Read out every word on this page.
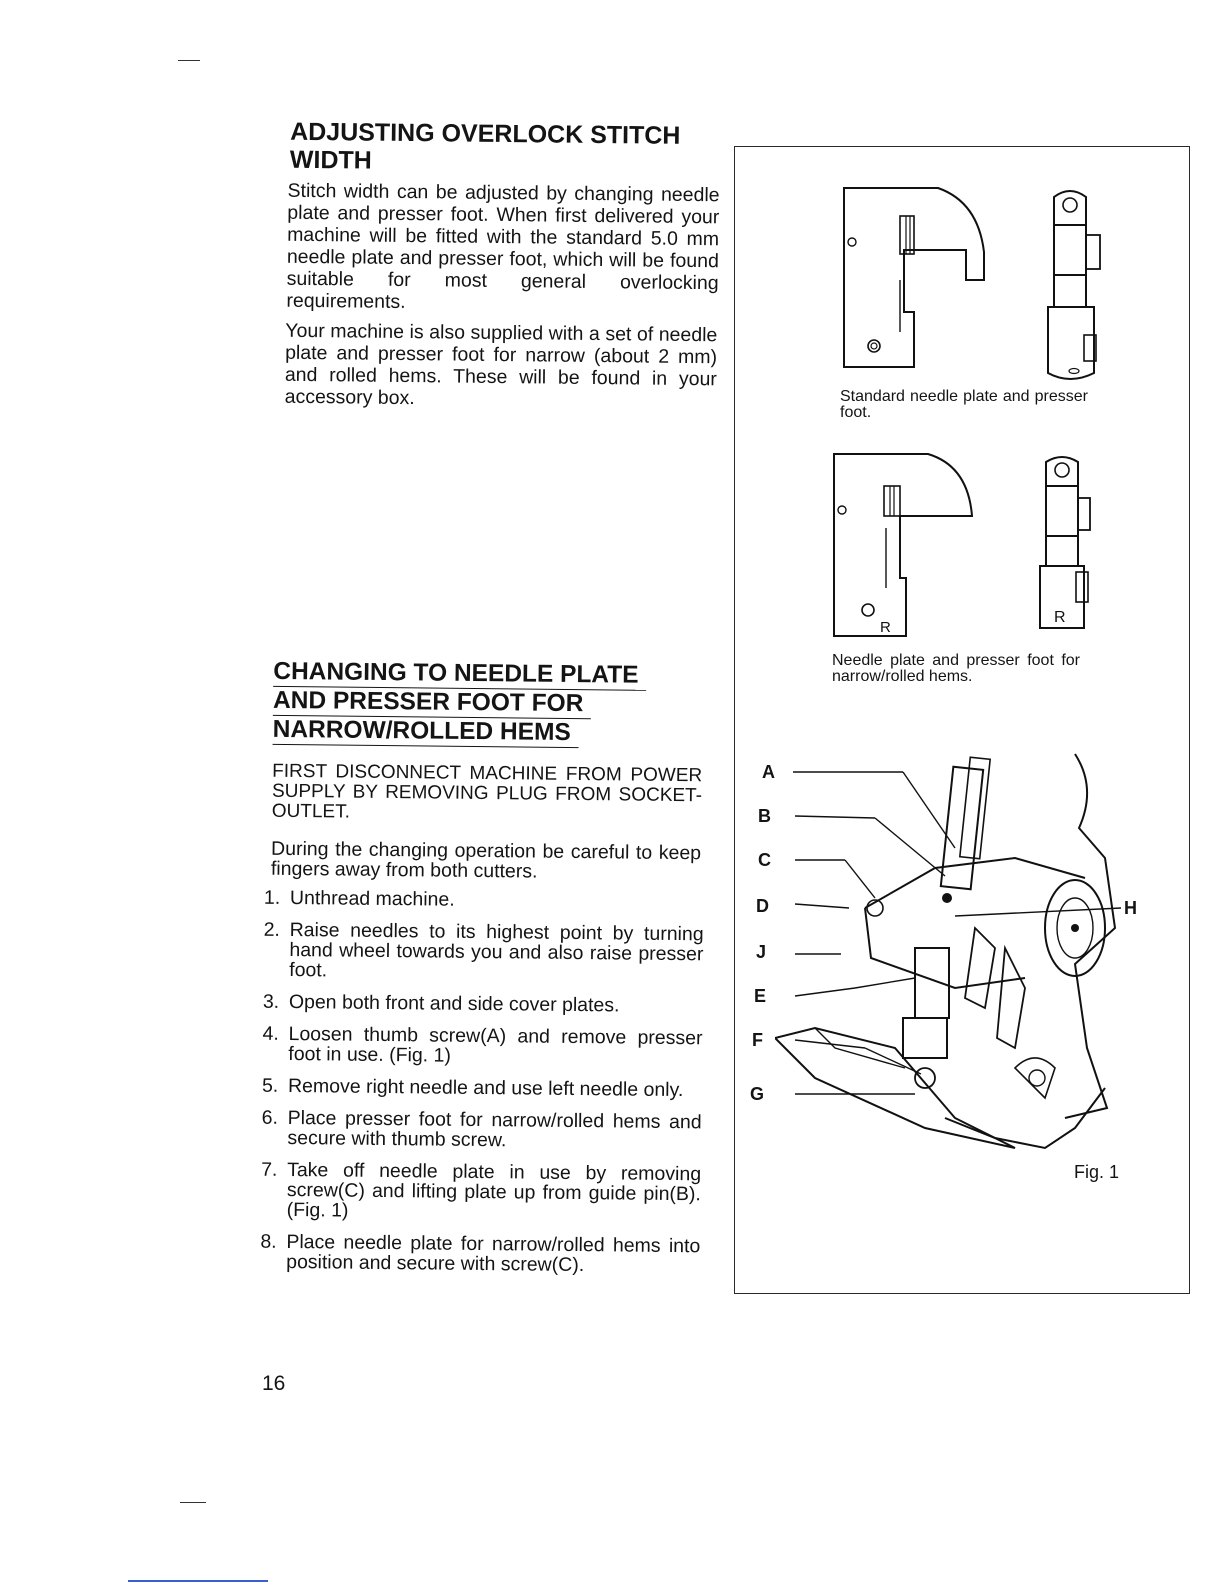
ADJUSTING OVERLOCK STITCH WIDTH

Stitch width can be adjusted by changing needle plate and presser foot. When first delivered your machine will be fitted with the standard 5.0 mm needle plate and presser foot, which will be found suitable for most general overlocking requirements.

Your machine is also supplied with a set of needle plate and presser foot for narrow (about 2 mm) and rolled hems. These will be found in your accessory box.

CHANGING TO NEEDLE PLATE
AND PRESSER FOOT FOR
NARROW/ROLLED HEMS

FIRST DISCONNECT MACHINE FROM POWER SUPPLY BY REMOVING PLUG FROM SOCKET-OUTLET.

During the changing operation be careful to keep fingers away from both cutters.

1. Unthread machine.
2. Raise needles to its highest point by turning hand wheel towards you and also raise presser foot.
3. Open both front and side cover plates.
4. Loosen thumb screw(A) and remove presser foot in use. (Fig. 1)
5. Remove right needle and use left needle only.
6. Place presser foot for narrow/rolled hems and secure with thumb screw.
7. Take off needle plate in use by removing screw(C) and lifting plate up from guide pin(B). (Fig. 1)
8. Place needle plate for narrow/rolled hems into position and secure with screw(C).
16

Standard needle plate and presser foot.

R
R

Needle plate and presser foot for narrow/rolled hems.

A
B
C
D
J
E
F
G
H
Fig. 1
